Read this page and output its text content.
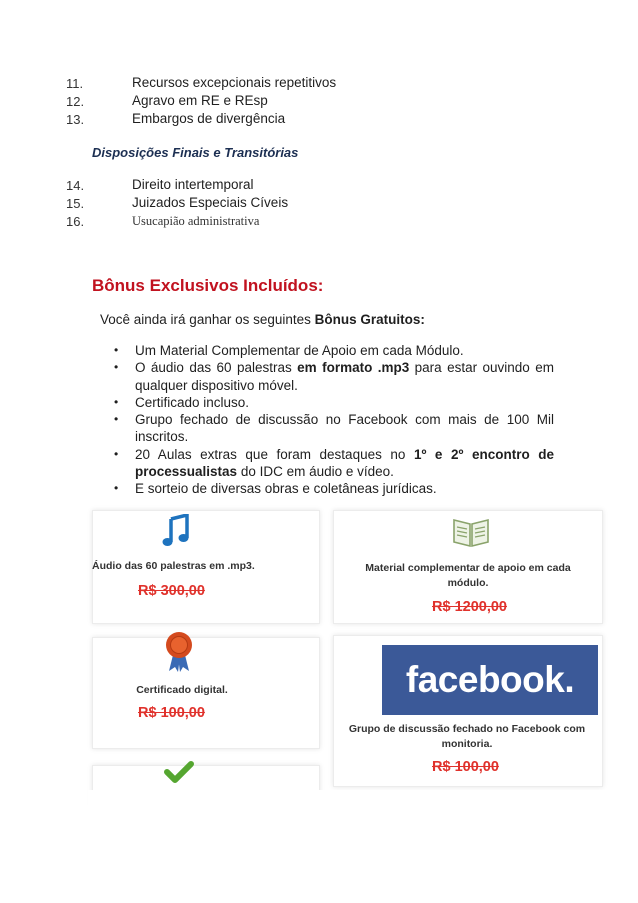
11.	Recursos excepcionais repetitivos
12.	Agravo em RE e REsp
13.	Embargos de divergência
Disposições Finais e Transitórias
14.	Direito intertemporal
15.	Juizados Especiais Cíveis
16.	Usucapião administrativa
Bônus Exclusivos Incluídos:
Você ainda irá ganhar os seguintes Bônus Gratuitos:
• Um Material Complementar de Apoio em cada Módulo.
• O áudio das 60 palestras em formato .mp3 para estar ouvindo em qualquer dispositivo móvel.
• Certificado incluso.
• Grupo fechado de discussão no Facebook com mais de 100 Mil inscritos.
• 20 Aulas extras que foram destaques no 1º e 2º encontro de processualistas do IDC em áudio e vídeo.
• E sorteio de diversas obras e coletâneas jurídicas.
Áudio das 60 palestras em .mp3.
R$ 300,00
Material complementar de apoio em cada
módulo.
R$ 1200,00
Certificado digital.
R$ 100,00
facebook.
Grupo de discussão fechado no Facebook com
monitoria.
R$ 100,00
